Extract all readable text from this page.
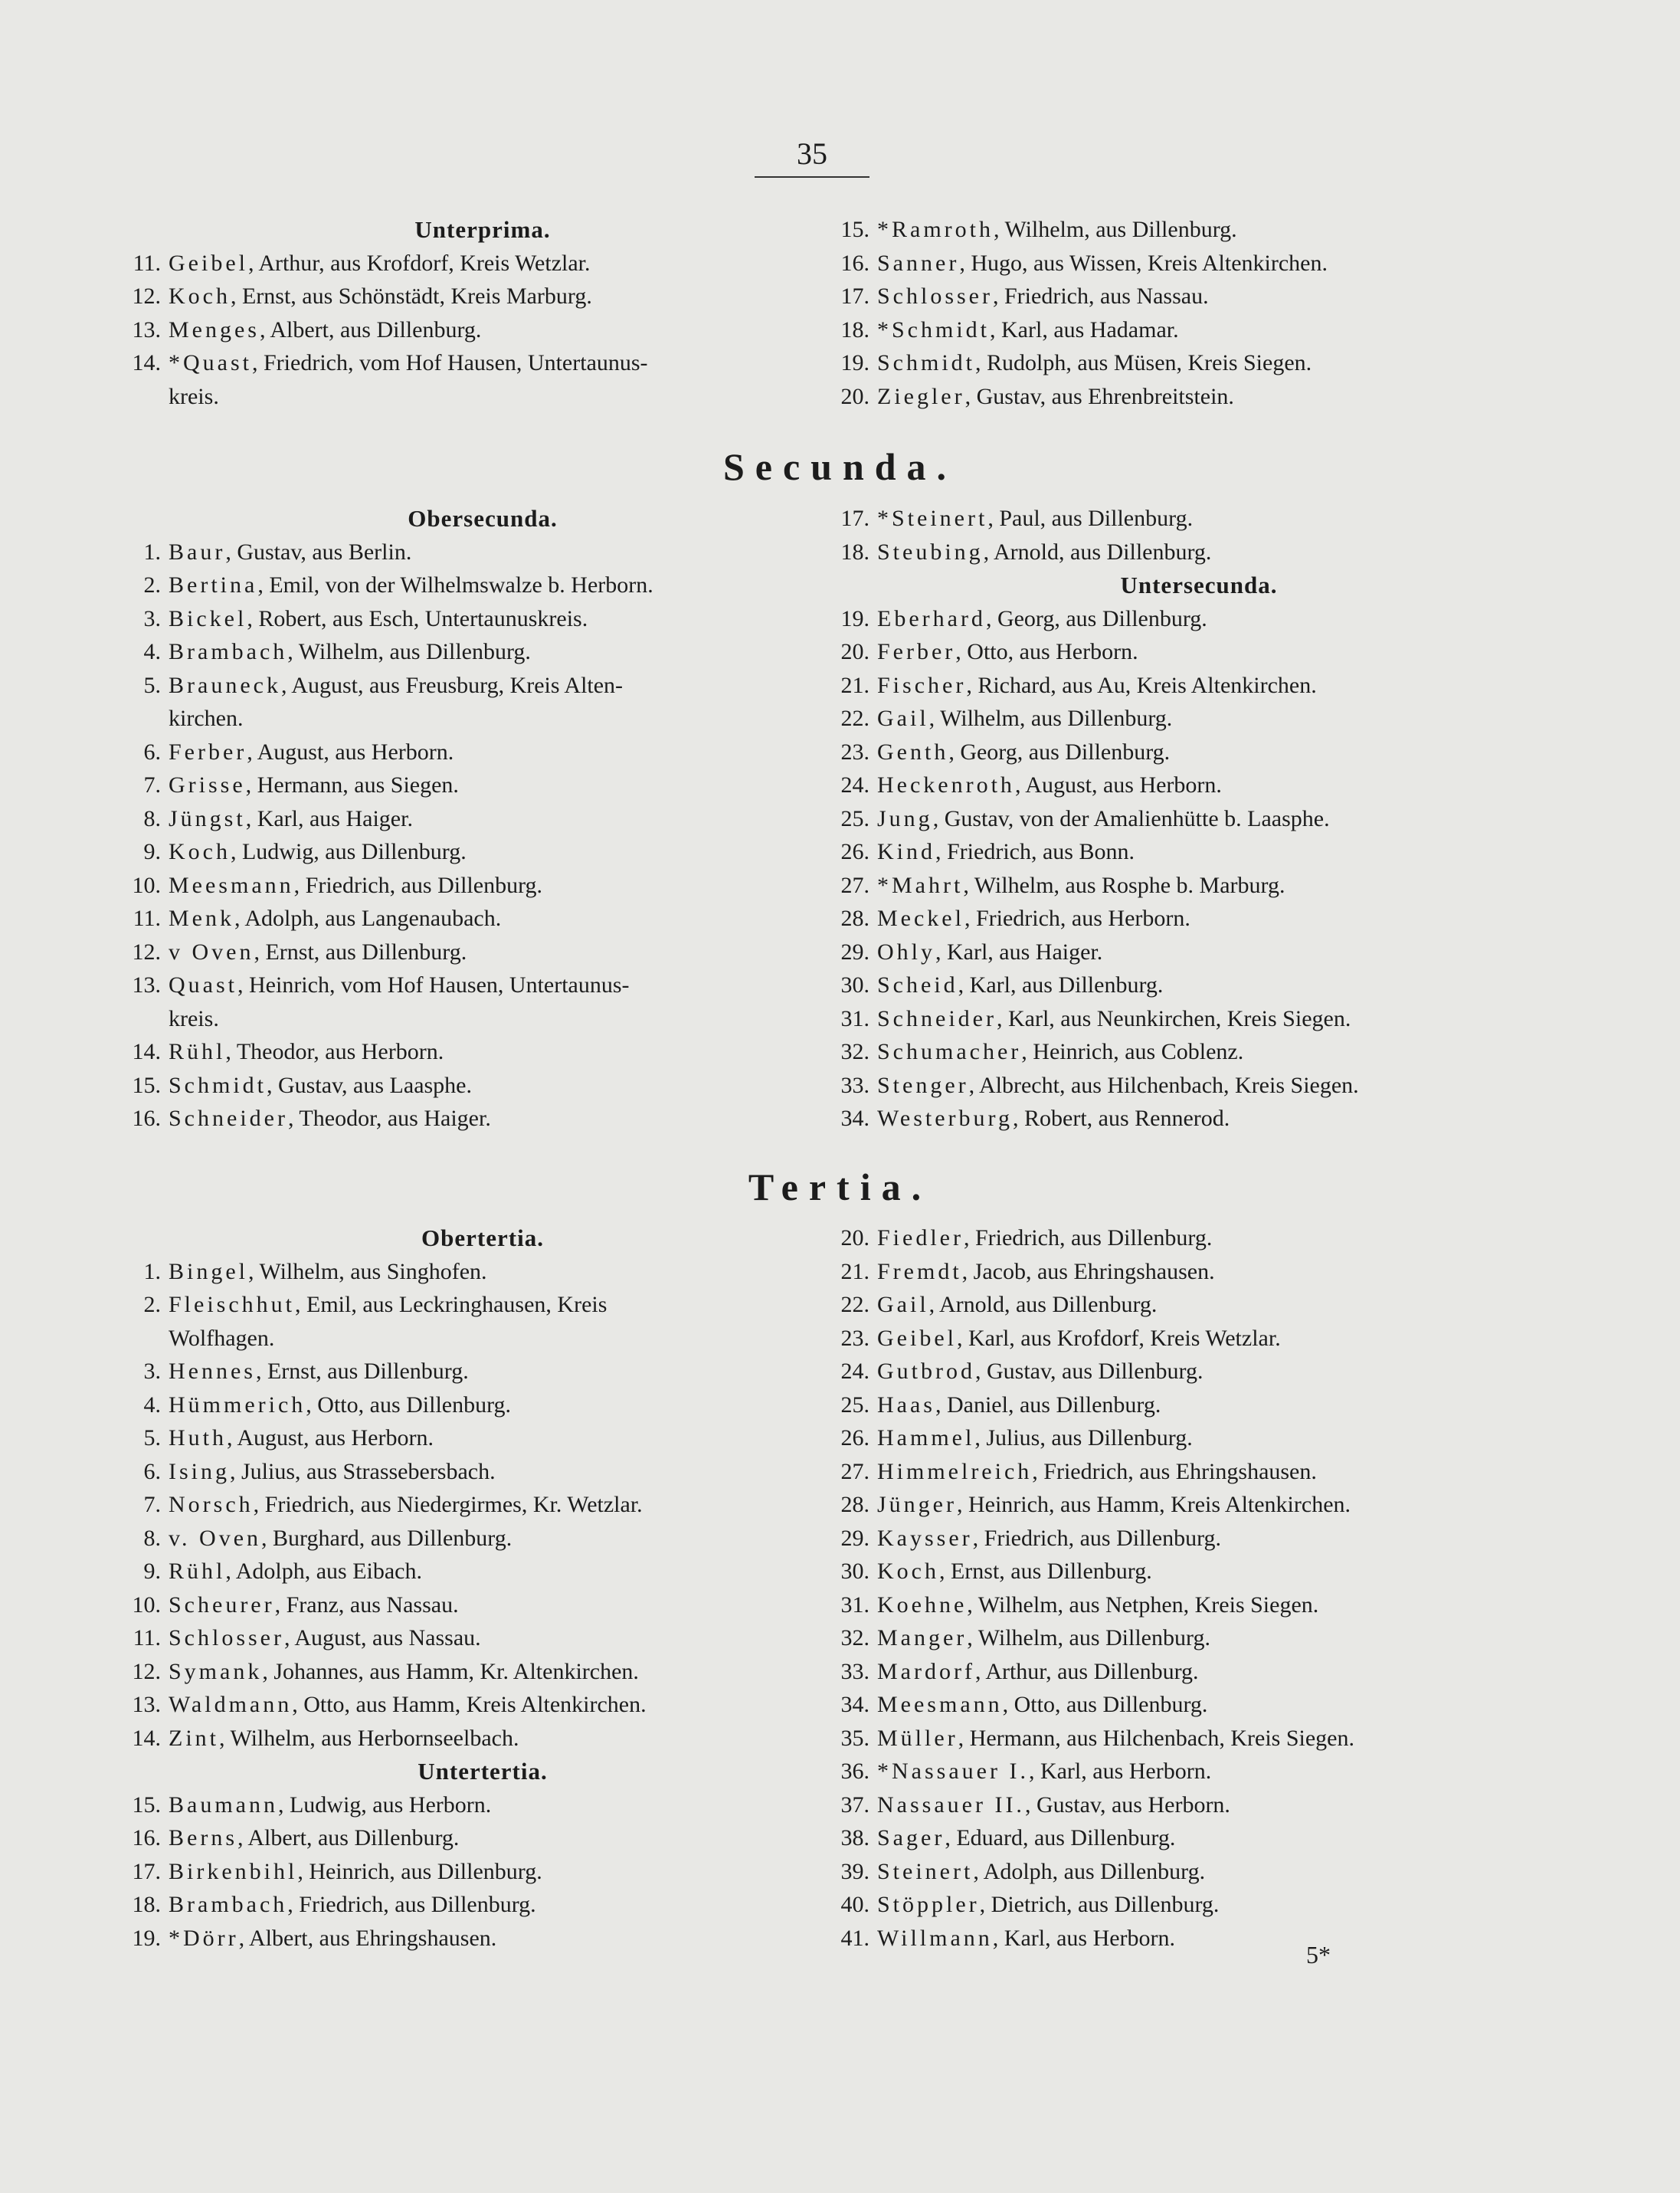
35
Unterprima.
11. Geibel, Arthur, aus Krofdorf, Kreis Wetzlar.
12. Koch, Ernst, aus Schönstädt, Kreis Marburg.
13. Menges, Albert, aus Dillenburg.
14. *Quast, Friedrich, vom Hof Hausen, Untertaunus-
kreis.
15. *Ramroth, Wilhelm, aus Dillenburg.
16. Sanner, Hugo, aus Wissen, Kreis Altenkirchen.
17. Schlosser, Friedrich, aus Nassau.
18. *Schmidt, Karl, aus Hadamar.
19. Schmidt, Rudolph, aus Müsen, Kreis Siegen.
20. Ziegler, Gustav, aus Ehrenbreitstein.
Secunda.
Obersecunda.
1. Baur, Gustav, aus Berlin.
2. Bertina, Emil, von der Wilhelmswalze b. Herborn.
3. Bickel, Robert, aus Esch, Untertaunuskreis.
4. Brambach, Wilhelm, aus Dillenburg.
5. Brauneck, August, aus Freusburg, Kreis Alten-
kirchen.
6. Ferber, August, aus Herborn.
7. Grisse, Hermann, aus Siegen.
8. Jüngst, Karl, aus Haiger.
9. Koch, Ludwig, aus Dillenburg.
10. Meesmann, Friedrich, aus Dillenburg.
11. Menk, Adolph, aus Langenaubach.
12. v Oven, Ernst, aus Dillenburg.
13. Quast, Heinrich, vom Hof Hausen, Untertaunus-
kreis.
14. Rühl, Theodor, aus Herborn.
15. Schmidt, Gustav, aus Laasphe.
16. Schneider, Theodor, aus Haiger.
17. *Steinert, Paul, aus Dillenburg.
18. Steubing, Arnold, aus Dillenburg.
Untersecunda.
19. Eberhard, Georg, aus Dillenburg.
20. Ferber, Otto, aus Herborn.
21. Fischer, Richard, aus Au, Kreis Altenkirchen.
22. Gail, Wilhelm, aus Dillenburg.
23. Genth, Georg, aus Dillenburg.
24. Heckenroth, August, aus Herborn.
25. Jung, Gustav, von der Amalienhütte b. Laasphe.
26. Kind, Friedrich, aus Bonn.
27. *Mahrt, Wilhelm, aus Rosphe b. Marburg.
28. Meckel, Friedrich, aus Herborn.
29. Ohly, Karl, aus Haiger.
30. Scheid, Karl, aus Dillenburg.
31. Schneider, Karl, aus Neunkirchen, Kreis Siegen.
32. Schumacher, Heinrich, aus Coblenz.
33. Stenger, Albrecht, aus Hilchenbach, Kreis Siegen.
34. Westerburg, Robert, aus Rennerod.
Tertia.
Obertertia.
1. Bingel, Wilhelm, aus Singhofen.
2. Fleischhut, Emil, aus Leckringhausen, Kreis
Wolfhagen.
3. Hennes, Ernst, aus Dillenburg.
4. Hümmerich, Otto, aus Dillenburg.
5. Huth, August, aus Herborn.
6. Ising, Julius, aus Strassebersbach.
7. Norsch, Friedrich, aus Niedergirmes, Kr. Wetzlar.
8. v. Oven, Burghard, aus Dillenburg.
9. Rühl, Adolph, aus Eibach.
10. Scheurer, Franz, aus Nassau.
11. Schlosser, August, aus Nassau.
12. Symank, Johannes, aus Hamm, Kr. Altenkirchen.
13. Waldmann, Otto, aus Hamm, Kreis Altenkirchen.
14. Zint, Wilhelm, aus Herbornseelbach.
Untertertia.
15. Baumann, Ludwig, aus Herborn.
16. Berns, Albert, aus Dillenburg.
17. Birkenbihl, Heinrich, aus Dillenburg.
18. Brambach, Friedrich, aus Dillenburg.
19. *Dörr, Albert, aus Ehringshausen.
20. Fiedler, Friedrich, aus Dillenburg.
21. Fremdt, Jacob, aus Ehringshausen.
22. Gail, Arnold, aus Dillenburg.
23. Geibel, Karl, aus Krofdorf, Kreis Wetzlar.
24. Gutbrod, Gustav, aus Dillenburg.
25. Haas, Daniel, aus Dillenburg.
26. Hammel, Julius, aus Dillenburg.
27. Himmelreich, Friedrich, aus Ehringshausen.
28. Jünger, Heinrich, aus Hamm, Kreis Altenkirchen.
29. Kaysser, Friedrich, aus Dillenburg.
30. Koch, Ernst, aus Dillenburg.
31. Koehne, Wilhelm, aus Netphen, Kreis Siegen.
32. Manger, Wilhelm, aus Dillenburg.
33. Mardorf, Arthur, aus Dillenburg.
34. Meesmann, Otto, aus Dillenburg.
35. Müller, Hermann, aus Hilchenbach, Kreis Siegen.
36. *Nassauer I., Karl, aus Herborn.
37. Nassauer II., Gustav, aus Herborn.
38. Sager, Eduard, aus Dillenburg.
39. Steinert, Adolph, aus Dillenburg.
40. Stöppler, Dietrich, aus Dillenburg.
41. Willmann, Karl, aus Herborn.
5*
